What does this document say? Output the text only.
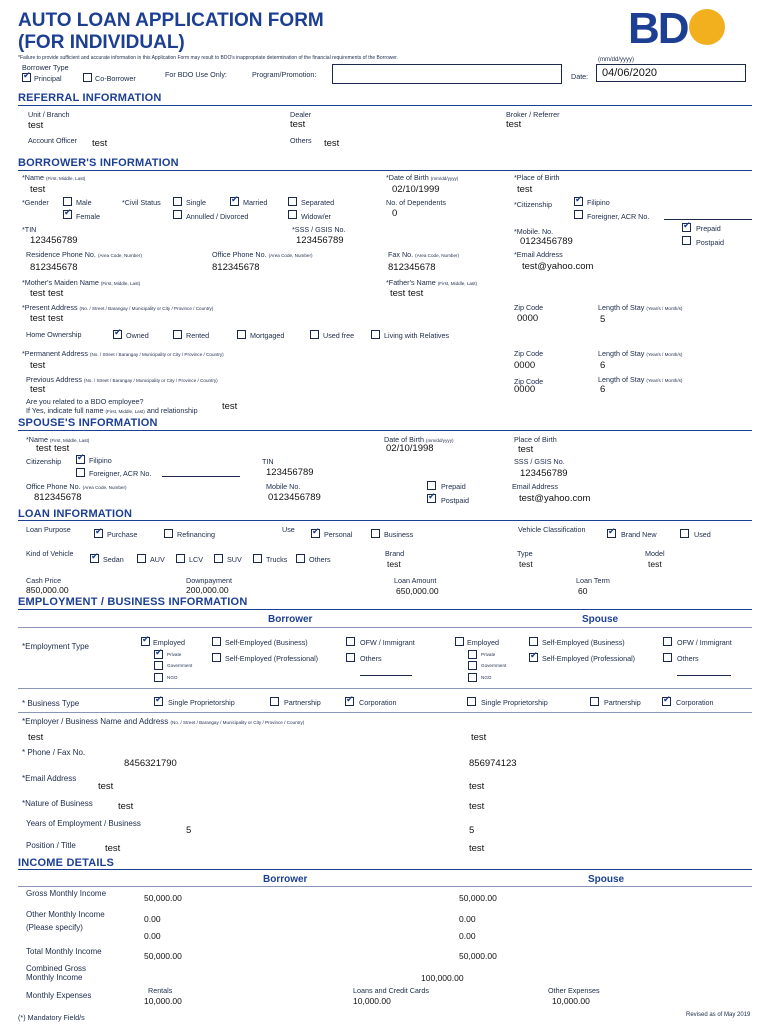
AUTO LOAN APPLICATION FORM
(FOR INDIVIDUAL)	BD
*Failure to provide sufficient and accurate information in this Application Form may result to BDO's inappropriate determination of the financial requirements of the Borrower.
Borrower Type
✔
Principal	Co-Borrower	For BDO Use Only:	Program/Promotion:
(mm/dd/yyyy)
Date: 04/06/2020
REFERRAL INFORMATION
Unit / Branch
test
Dealer
test
Broker / Referrer
test
Account Officer test	Others test
BORROWER'S INFORMATION
*Name (First, Middle, Last)
test
*Date of Birth (mm/dd/yyyy)
02/10/1999
*Place of Birth
test
*Gender	Male
✔
Female
*Civil Status	Single ✔	Married	Separated
Annulled / Divorced	Widow/er
No. of Dependents
0
*Citizenship ✔	Filipino
Foreigner, ACR No.
*TIN
123456789
*SSS / GSIS No.
123456789
*Mobile. No.
0123456789
✔
Prepaid
Postpaid
Residence Phone No. (Area Code, Number)
812345678
Office Phone No. (Area Code, Number)
812345678
Fax No. (Area Code, Number)
812345678
*Email Address
test@yahoo.com
*Mother's Maiden Name (First, Middle, Last)
test test
*Father's Name (First, Middle, Last)
test test
*Present Address (No. / Street / Barangay / Municipality or City / Province / Country)
test test
Zip Code
0000
Length of Stay (Year/s / Month/s)
5
Home Ownership ✔	Owned	Rented	Mortgaged	Used free	Living with Relatives
*Permanent Address (No. / Street / Barangay / Municipality or City / Province / Country)
test
Zip Code
0000
Length of Stay (Year/s / Month/s)
6
Previous Address (No. / Street / Barangay / Municipality or City / Province / Country)
test
Zip Code
0000
Length of Stay (Year/s / Month/s)
6
Are you related to a BDO employee?
If Yes, indicate full name (First, Middle, Last) and relationship	test
SPOUSE'S INFORMATION
*Name (First, Middle, Last)
test test
Date of Birth (mm/dd/yyyy)
02/10/1998
Place of Birth
test
Citizenship ✔	Filipino
Foreigner, ACR No.
TIN
123456789
SSS / GSIS No.
123456789
Office Phone No. (Area Code, Number)
812345678
Mobile No.
0123456789
Prepaid
✔
Postpaid
Email Address
test@yahoo.com
LOAN INFORMATION
Loan Purpose
✔
Purchase	Refinancing
Use
✔
Personal	Business
Vehicle Classification
✔
Brand New	Used
Kind of Vehicle
✔
Sedan	AUV	LCV	SUV	Trucks	Others
Brand
test
Type
test
Model
test
Cash Price
850,000.00
Downpayment
200,000.00
Loan Amount
650,000.00
Loan Term
60
EMPLOYMENT / BUSINESS INFORMATION
Borrower	Spouse
*Employment Type ✔	Employed
✔
Private
Government
NGO
Self-Employed (Business)
Self-Employed (Professional)
OFW / Immigrant
Others
Employed
Private
Government
NGO
Self-Employed (Business)
✔
Self-Employed (Professional)
OFW / Immigrant
Others
* Business Type ✔	Single Proprietorship	Partnership ✔	Corporation	Single Proprietorship	Partnership ✔	Corporation
*Employer / Business Name and Address (No. / Street / Barangay / Municipality or City / Province / Country)
test	test
* Phone / Fax No.
8456321790	856974123
*Email Address
test	test
*Nature of Business	test	test
Years of Employment / Business
5	5
Position / Title	test	test
INCOME DETAILS
Borrower	Spouse
Gross Monthly Income	50,000.00	50,000.00
Other Monthly Income
(Please specify)
0.00	0.00
0.00	0.00
Total Monthly Income	50,000.00	50,000.00
Combined Gross
Monthly Income	100,000.00
Monthly Expenses
Rentals
10,000.00
Loans and Credit Cards
10,000.00
Other Expenses
10,000.00
(*) Mandatory Field/s	Revised as of May 2019
